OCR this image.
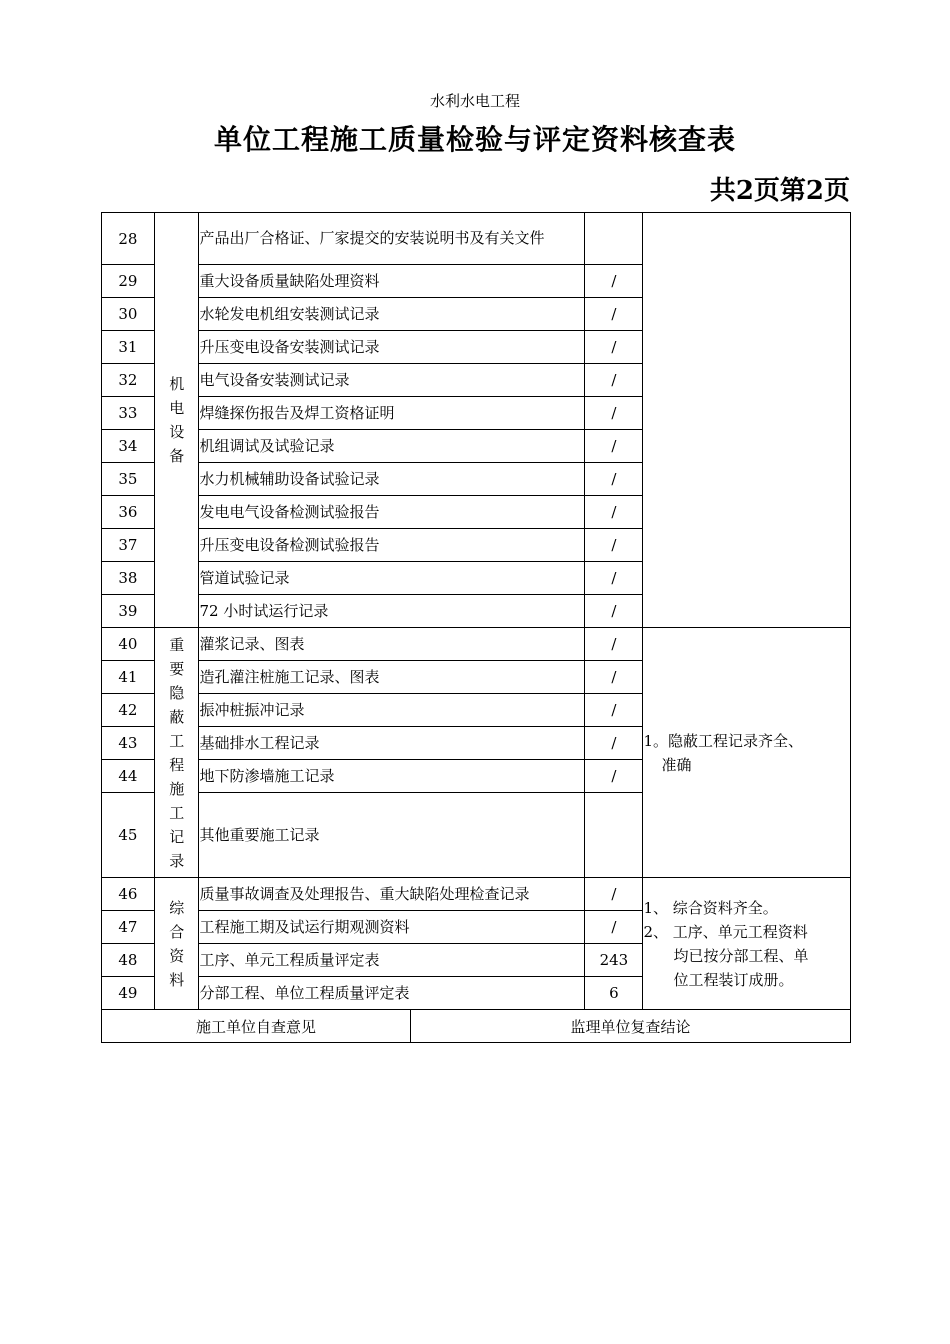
水利水电工程
单位工程施工质量检验与评定资料核查表
共2页第2页
28	机电设备	产品出厂合格证、厂家提交的安装说明书及有关文件			
29		重大设备质量缺陷处理资料		/	
30		水轮发电机组安装测试记录		/	
31		升压变电设备安装测试记录		/	
32		电气设备安装测试记录		/	
33		焊缝探伤报告及焊工资格证明		/	
34		机组调试及试验记录		/	
35		水力机械辅助设备试验记录		/	
36		发电电气设备检测试验报告		/	
37		升压变电设备检测试验报告		/	
38		管道试验记录		/	
39		72 小时试运行记录		/	
40	重要隐蔽工程施工记录	灌浆记录、图表		/	1。隐蔽工程记录齐全、
准确

41		造孔灌注桩施工记录、图表		/	
42		振冲桩振冲记录		/	
43		基础排水工程记录		/	
44		地下防渗墙施工记录		/	
45		其他重要施工记录			
46	综合资料	质量事故调查及处理报告、重大缺陷处理检查记录		/	1、 综合资料齐全。
2、 工序、单元工程资料
均已按分部工程、单
位工程装订成册。

47		工程施工期及试运行期观测资料		/	
48		工序、单元工程质量评定表		243	
49		分部工程、单位工程质量评定表		6	
施工单位自查意见			监理单位复查结论		
